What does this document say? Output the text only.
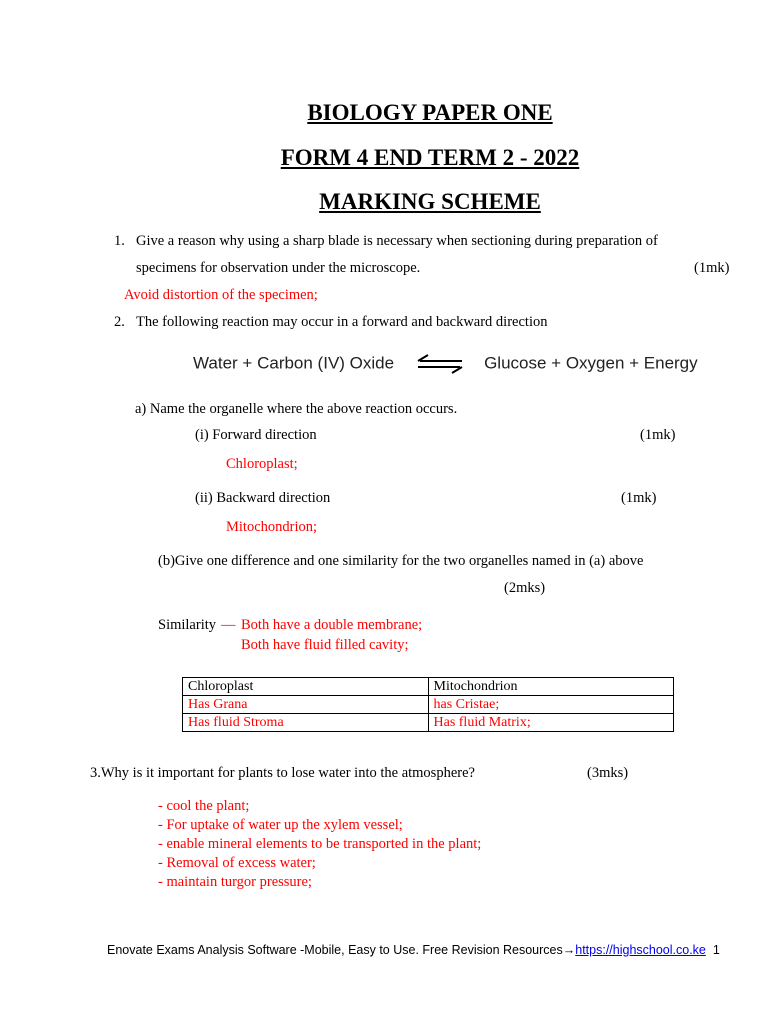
BIOLOGY PAPER ONE
FORM 4 END TERM 2 - 2022
MARKING SCHEME
1. Give a reason why using a sharp blade is necessary when sectioning during preparation of
specimens for observation under the microscope.	(1mk)
Avoid distortion of the specimen;
2. The following reaction may occur in a forward and backward direction
Water + Carbon (IV) Oxide ⇌ Glucose + Oxygen + Energy
a) Name the organelle where the above reaction occurs.
(i) Forward direction	(1mk)
Chloroplast;
(ii) Backward direction	(1mk)
Mitochondrion;
(b)Give one difference and one similarity for the two organelles named in (a) above
(2mks)
Similarity — Both have a double membrane;
Both have fluid filled cavity;
Chloroplast	Mitochondrion
Has Grana	has Cristae;
Has fluid Stroma	Has fluid Matrix;
3.Why is it important for plants to lose water into the atmosphere?	(3mks)
- cool the plant;
- For uptake of water up the xylem vessel;
- enable mineral elements to be transported in the plant;
- Removal of excess water;
- maintain turgor pressure;
Enovate Exams Analysis Software -Mobile, Easy to Use. Free Revision Resources→https://highschool.co.ke 1
